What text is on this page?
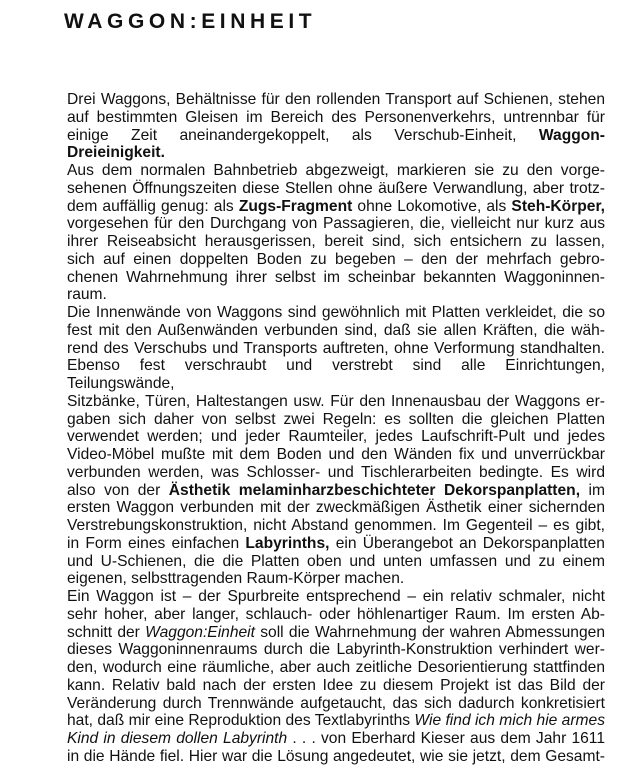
WAGGON:EINHEIT
Drei Waggons, Behältnisse für den rollenden Transport auf Schienen, stehen
auf bestimmten Gleisen im Bereich des Personenverkehrs, untrennbar für
einige Zeit aneinandergekoppelt, als Verschub-Einheit, Waggon-Dreieinigkeit.
Aus dem normalen Bahnbetrieb abgezweigt, markieren sie zu den vorge-
sehenen Öffnungszeiten diese Stellen ohne äußere Verwandlung, aber trotz-
dem auffällig genug: als Zugs-Fragment ohne Lokomotive, als Steh-Körper,
vorgesehen für den Durchgang von Passagieren, die, vielleicht nur kurz aus
ihrer Reiseabsicht herausgerissen, bereit sind, sich entsichern zu lassen,
sich auf einen doppelten Boden zu begeben – den der mehrfach gebro-
chenen Wahrnehmung ihrer selbst im scheinbar bekannten Waggoninnen-
raum.
Die Innenwände von Waggons sind gewöhnlich mit Platten verkleidet, die so
fest mit den Außenwänden verbunden sind, daß sie allen Kräften, die wäh-
rend des Verschubs und Transports auftreten, ohne Verformung standhalten.
Ebenso fest verschraubt und verstrebt sind alle Einrichtungen, Teilungswände,
Sitzbänke, Türen, Haltestangen usw. Für den Innenausbau der Waggons er-
gaben sich daher von selbst zwei Regeln: es sollten die gleichen Platten
verwendet werden; und jeder Raumteiler, jedes Laufschrift-Pult und jedes
Video-Möbel mußte mit dem Boden und den Wänden fix und unverrückbar
verbunden werden, was Schlosser- und Tischlerarbeiten bedingte. Es wird
also von der Ästhetik melaminharzbeschichteter Dekorspanplatten, im
ersten Waggon verbunden mit der zweckmäßigen Ästhetik einer sichernden
Verstrebungskonstruktion, nicht Abstand genommen. Im Gegenteil – es gibt,
in Form eines einfachen Labyrinths, ein Überangebot an Dekorspanplatten
und U-Schienen, die die Platten oben und unten umfassen und zu einem
eigenen, selbsttragenden Raum-Körper machen.
Ein Waggon ist – der Spurbreite entsprechend – ein relativ schmaler, nicht
sehr hoher, aber langer, schlauch- oder höhlenartiger Raum. Im ersten Ab-
schnitt der Waggon:Einheit soll die Wahrnehmung der wahren Abmessungen
dieses Waggoninnenraums durch die Labyrinth-Konstruktion verhindert wer-
den, wodurch eine räumliche, aber auch zeitliche Desorientierung stattfinden
kann. Relativ bald nach der ersten Idee zu diesem Projekt ist das Bild der
Veränderung durch Trennwände aufgetaucht, das sich dadurch konkretisiert
hat, daß mir eine Reproduktion des Textlabyrinths Wie find ich mich hie armes
Kind in diesem dollen Labyrinth . . . von Eberhard Kieser aus dem Jahr 1611
in die Hände fiel. Hier war die Lösung angedeutet, wie sie jetzt, dem Gesamt-
